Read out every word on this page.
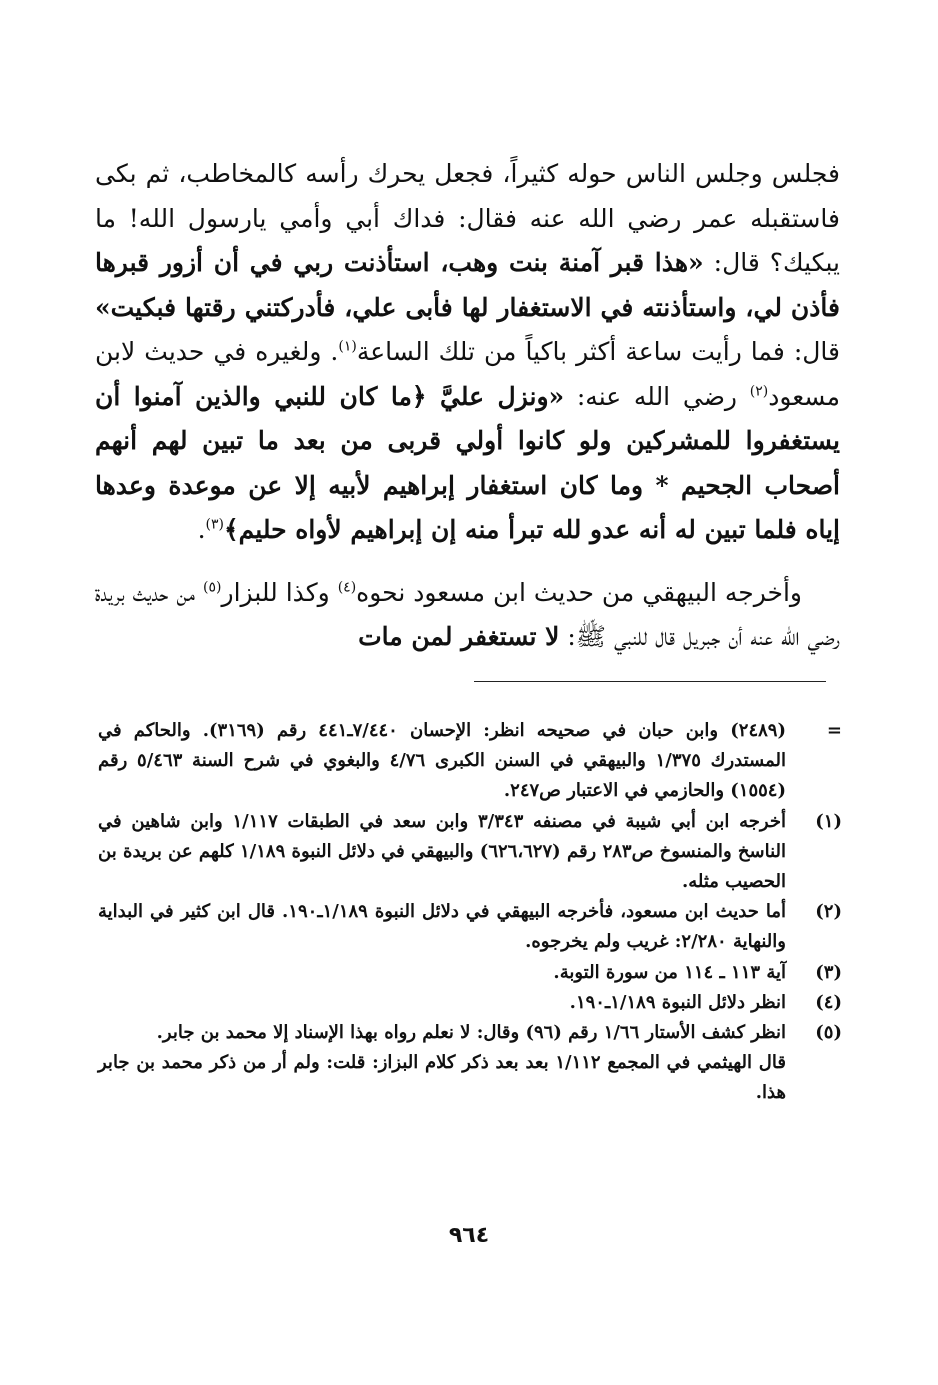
فجلس وجلس الناس حوله كثيراً، فجعل يحرك رأسه كالمخاطب، ثم بكى فاستقبله عمر رضي الله عنه فقال: فداك أبي وأمي يارسول الله! ما يبكيك؟ قال: «هذا قبر آمنة بنت وهب، استأذنت ربي في أن أزور قبرها فأذن لي، واستأذنته في الاستغفار لها فأبى علي، فأدركتني رقتها فبكيت» قال: فما رأيت ساعة أكثر باكياً من تلك الساعة$^{(١)}$. ولغيره في حديث لابن مسعود$^{(٢)}$ رضي الله عنه: «ونزل عليَّ ﴿ما كان للنبي والذين آمنوا أن يستغفروا للمشركين ولو كانوا أولي قربى من بعد ما تبين لهم أنهم أصحاب الجحيم * وما كان استغفار إبراهيم لأبيه إلا عن موعدة وعدها إياه فلما تبين له أنه عدو لله تبرأ منه إن إبراهيم لأواه حليم﴾$^{(٣)}$.

وأخرجه البيهقي من حديث ابن مسعود نحوه$^{(٤)}$ وكذا للبزار$^{(٥)}$ من حديث بريدة رضي الله عنه أن جبريل قال للنبي ﷺ: لا تستغفر لمن مات

=
(٢٤٨٩) وابن حبان في صحيحه انظر: الإحسان ٧/٤٤٠ـ٤٤١ رقم (٣١٦٩). والحاكم في المستدرك ١/٣٧٥ والبيهقي في السنن الكبرى ٤/٧٦ والبغوي في شرح السنة ٥/٤٦٣ رقم (١٥٥٤) والحازمي في الاعتبار ص٢٤٧.
(١)
أخرجه ابن أبي شيبة في مصنفه ٣/٣٤٣ وابن سعد في الطبقات ١/١١٧ وابن شاهين في الناسخ والمنسوخ ص٢٨٣ رقم (٦٢٦،٦٢٧) والبيهقي في دلائل النبوة ١/١٨٩ كلهم عن بريدة بن الحصيب مثله.
(٢)
أما حديث ابن مسعود، فأخرجه البيهقي في دلائل النبوة ١/١٨٩ـ١٩٠. قال ابن كثير في البداية والنهاية ٢/٢٨٠: غريب ولم يخرجوه.
(٣)
آية ١١٣ ـ ١١٤ من سورة التوبة.
(٤)
انظر دلائل النبوة ١/١٨٩ـ١٩٠.
(٥)
انظر كشف الأستار ١/٦٦ رقم (٩٦) وقال: لا نعلم رواه بهذا الإسناد إلا محمد بن جابر.
قال الهيثمي في المجمع ١/١١٢ بعد بعد ذكر كلام البزاز: قلت: ولم أر من ذكر محمد بن جابر هذا.
٩٦٤
